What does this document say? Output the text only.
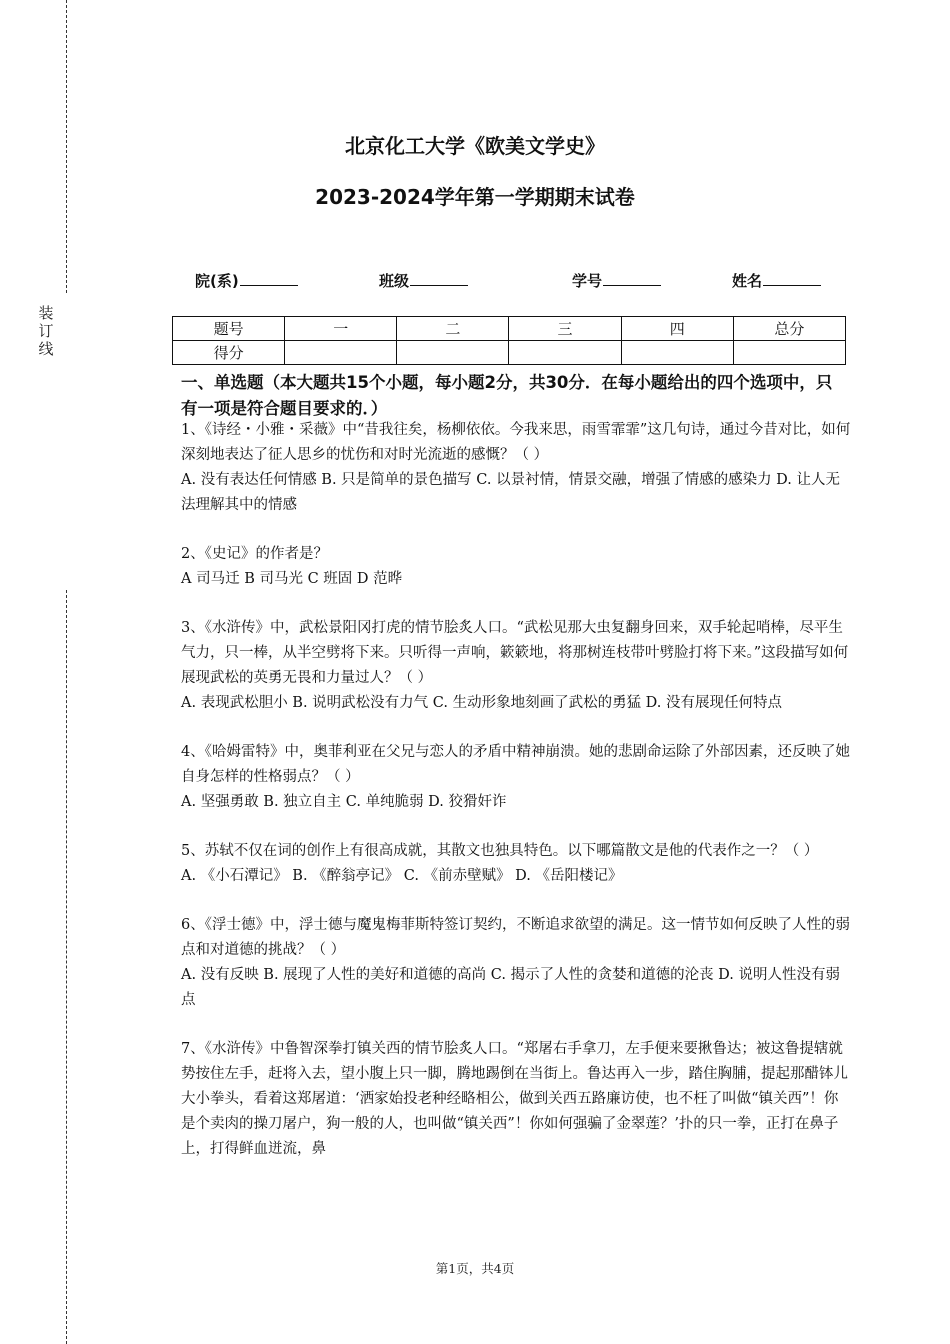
装
订
线
北京化工大学《欧美文学史》
2023-2024学年第一学期期末试卷
院(系)	班级	学号	姓名
题号	一	二	三	四	总分
得分					
一、单选题（本大题共15个小题，每小题2分，共30分．在每小题给出的四个选项中，只有一项是符合题目要求的．）

1、《诗经・小雅・采薇》中“昔我往矣，杨柳依依。今我来思，雨雪霏霏”这几句诗，通过今昔对比，如何深刻地表达了征人思乡的忧伤和对时光流逝的感慨？（ ）

A. 没有表达任何情感 B. 只是简单的景色描写 C. 以景衬情，情景交融，增强了情感的感染力 D. 让人无法理解其中的情感

2、《史记》的作者是？

A 司马迁 B 司马光 C 班固 D 范晔

3、《水浒传》中，武松景阳冈打虎的情节脍炙人口。“武松见那大虫复翻身回来，双手轮起哨棒，尽平生气力，只一棒，从半空劈将下来。只听得一声响，簌簌地，将那树连枝带叶劈脸打将下来。”这段描写如何展现武松的英勇无畏和力量过人？（ ）

A. 表现武松胆小 B. 说明武松没有力气 C. 生动形象地刻画了武松的勇猛 D. 没有展现任何特点

4、《哈姆雷特》中，奥菲利亚在父兄与恋人的矛盾中精神崩溃。她的悲剧命运除了外部因素，还反映了她自身怎样的性格弱点？（ ）

A. 坚强勇敢 B. 独立自主 C. 单纯脆弱 D. 狡猾奸诈

5、苏轼不仅在词的创作上有很高成就，其散文也独具特色。以下哪篇散文是他的代表作之一？（ ）

A. 《小石潭记》 B. 《醉翁亭记》 C. 《前赤壁赋》 D. 《岳阳楼记》

6、《浮士德》中，浮士德与魔鬼梅菲斯特签订契约，不断追求欲望的满足。这一情节如何反映了人性的弱点和对道德的挑战？（ ）

A. 没有反映 B. 展现了人性的美好和道德的高尚 C. 揭示了人性的贪婪和道德的沦丧 D. 说明人性没有弱点

7、《水浒传》中鲁智深拳打镇关西的情节脍炙人口。“郑屠右手拿刀，左手便来要揪鲁达；被这鲁提辖就势按住左手，赶将入去，望小腹上只一脚，腾地踢倒在当街上。鲁达再入一步，踏住胸脯，提起那醋钵儿大小拳头，看着这郑屠道：‘洒家始投老种经略相公，做到关西五路廉访使，也不枉了叫做“镇关西”！你是个卖肉的操刀屠户，狗一般的人，也叫做“镇关西”！你如何强骗了金翠莲？’扑的只一拳，正打在鼻子上，打得鲜血迸流，鼻

第1页，共4页
